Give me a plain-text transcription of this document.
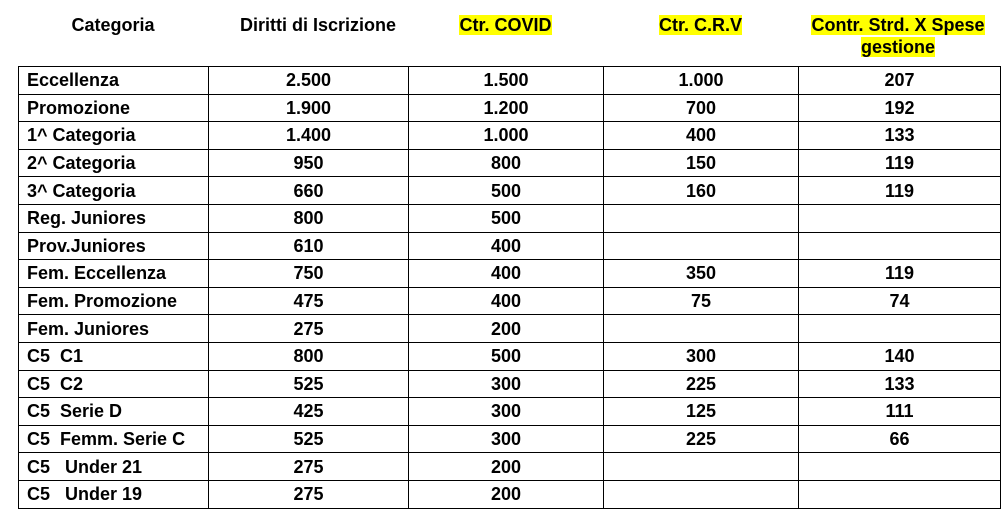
Categoria	Diritti di Iscrizione	Ctr. COVID	Ctr. C.R.V	Contr. Strd. X Spese gestione
Eccellenza	2.500	1.500	1.000	207
Promozione	1.900	1.200	700	192
1^ Categoria	1.400	1.000	400	133
2^ Categoria	950	800	150	119
3^ Categoria	660	500	160	119
Reg. Juniores	800	500		
Prov.Juniores	610	400		
Fem. Eccellenza	750	400	350	119
Fem. Promozione	475	400	75	74
Fem. Juniores	275	200		
C5  C1	800	500	300	140
C5  C2	525	300	225	133
C5  Serie D	425	300	125	111
C5  Femm. Serie C	525	300	225	66
C5   Under 21	275	200		
C5   Under 19	275	200		
